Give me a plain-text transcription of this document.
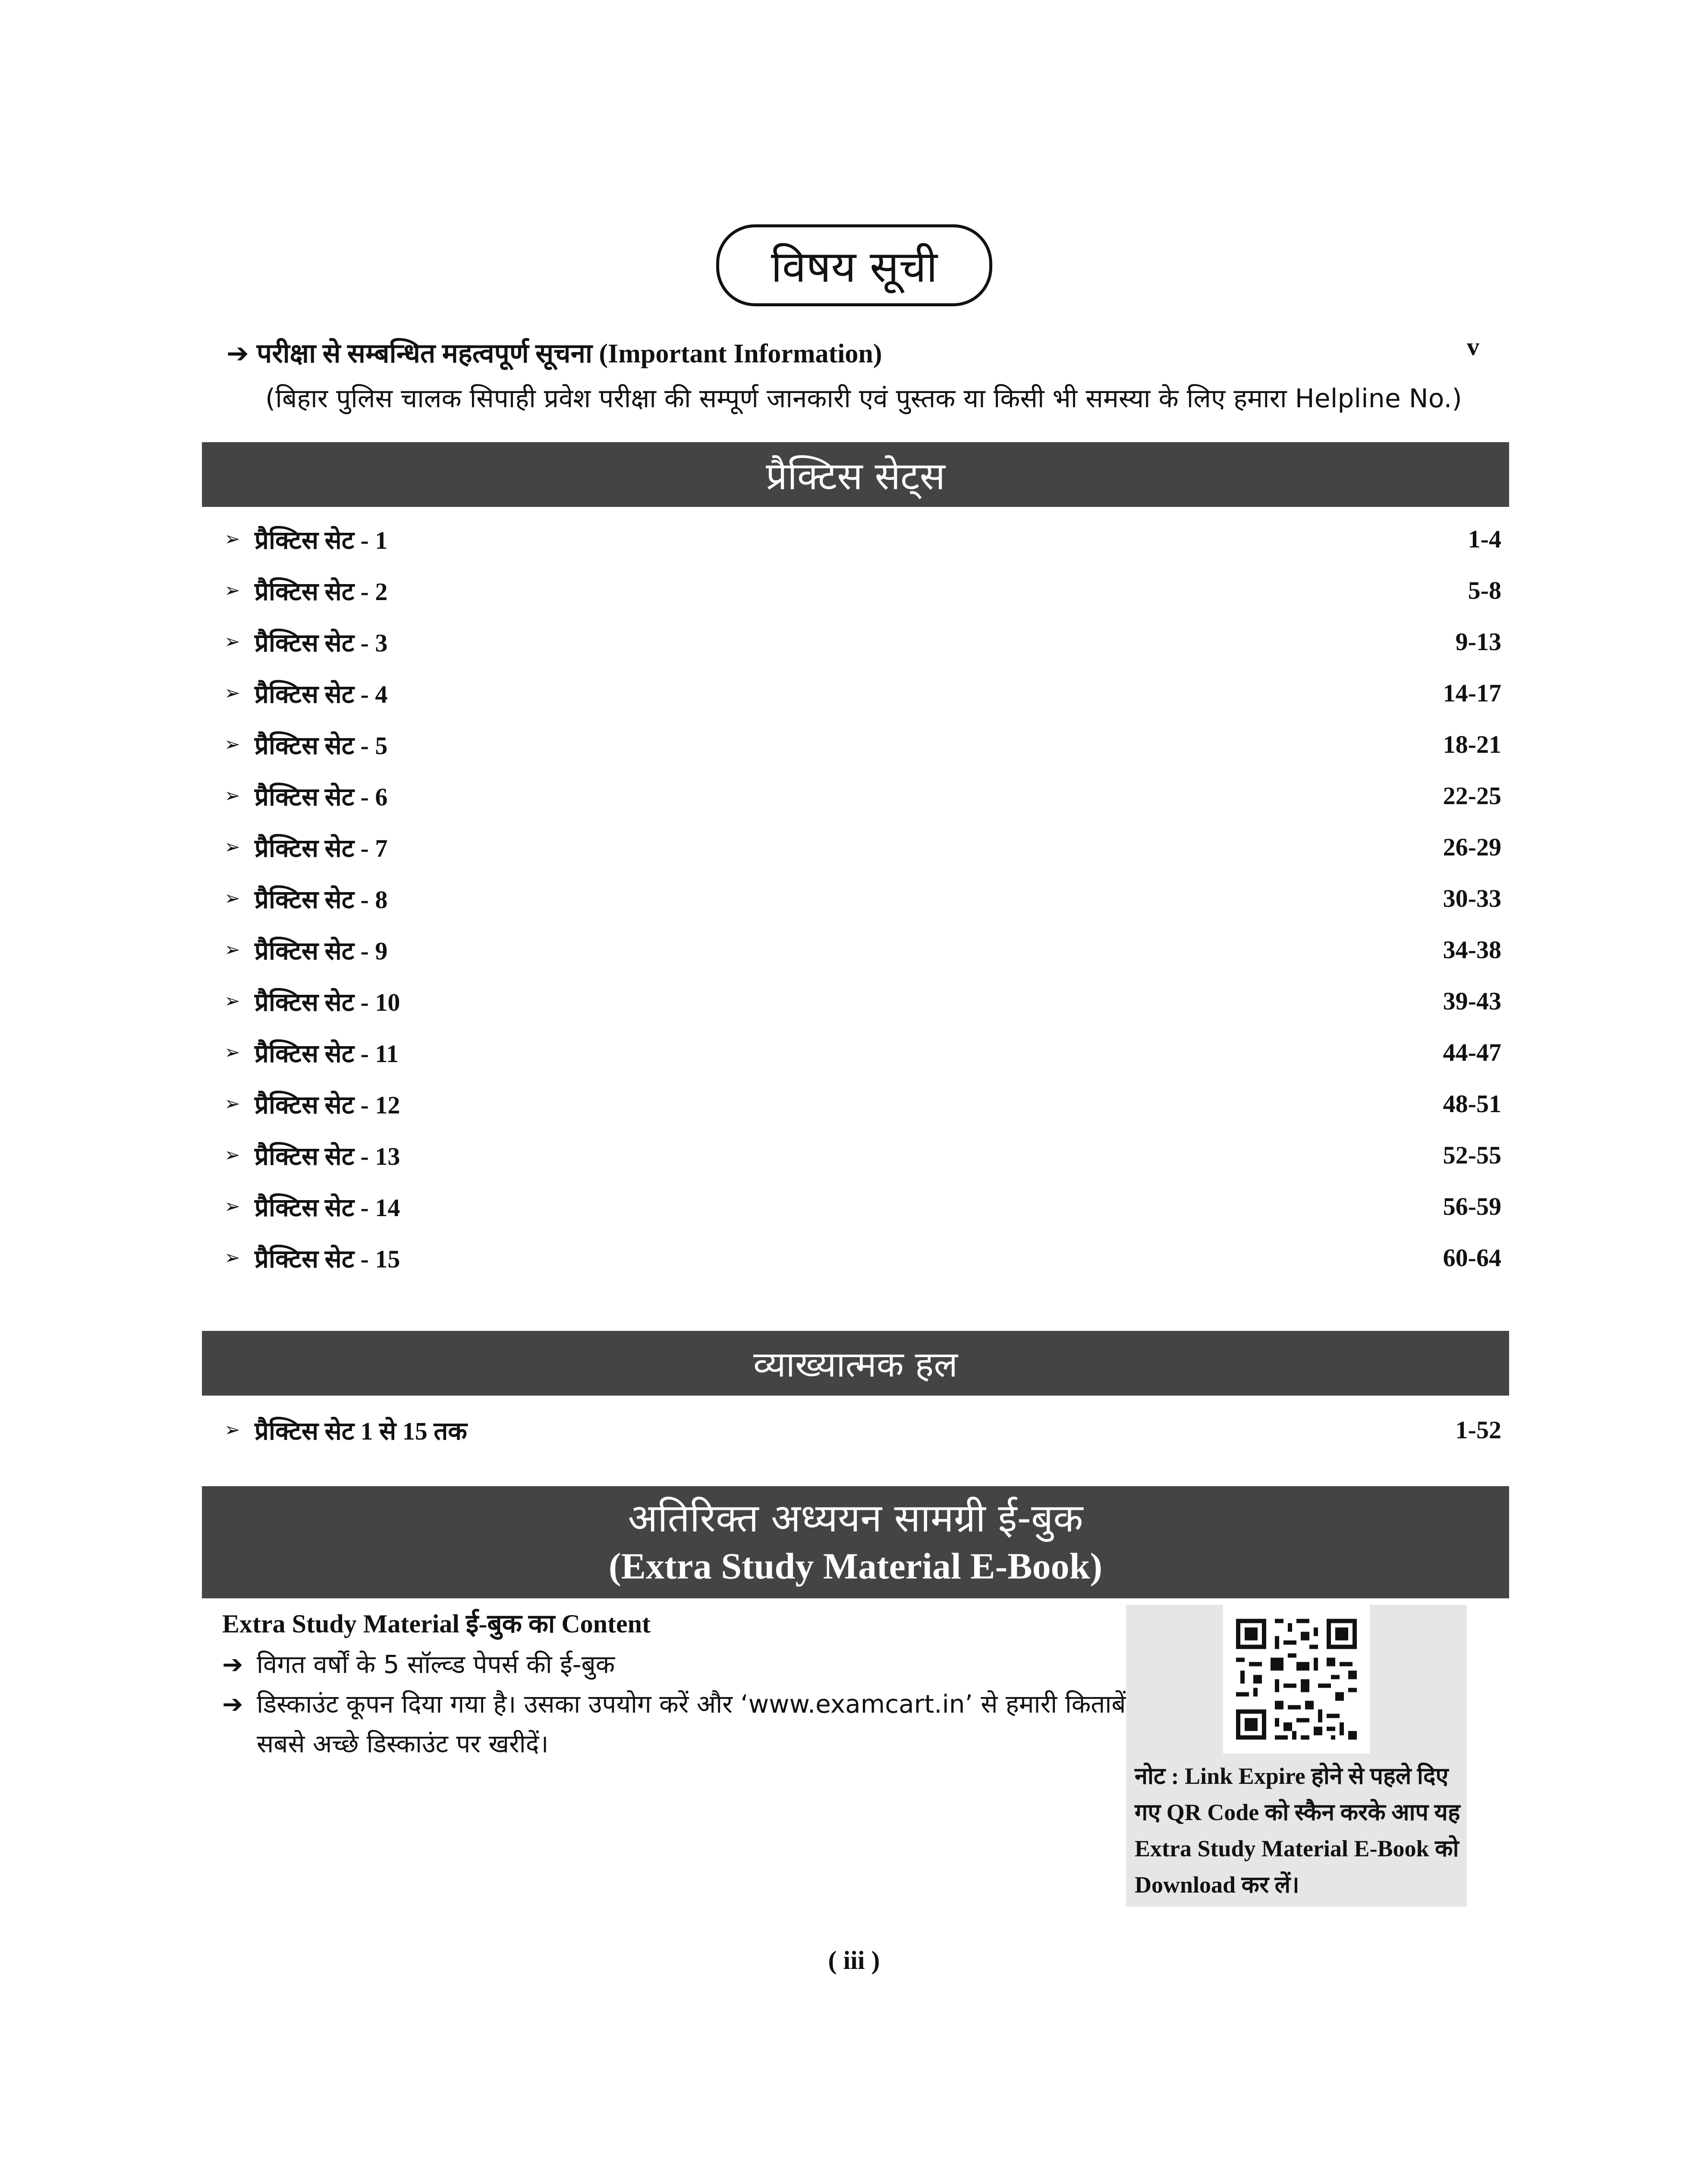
विषय सूची
➔ परीक्षा से सम्बन्धित महत्वपूर्ण सूचना (Important Information)	v
(बिहार पुलिस चालक सिपाही प्रवेश परीक्षा की सम्पूर्ण जानकारी एवं पुस्तक या किसी भी समस्या के लिए हमारा Helpline No.)
प्रैक्टिस सेट्स
➢ प्रैक्टिस सेट - 1	1-4
➢ प्रैक्टिस सेट - 2	5-8
➢ प्रैक्टिस सेट - 3	9-13
➢ प्रैक्टिस सेट - 4	14-17
➢ प्रैक्टिस सेट - 5	18-21
➢ प्रैक्टिस सेट - 6	22-25
➢ प्रैक्टिस सेट - 7	26-29
➢ प्रैक्टिस सेट - 8	30-33
➢ प्रैक्टिस सेट - 9	34-38
➢ प्रैक्टिस सेट - 10	39-43
➢ प्रैक्टिस सेट - 11	44-47
➢ प्रैक्टिस सेट - 12	48-51
➢ प्रैक्टिस सेट - 13	52-55
➢ प्रैक्टिस सेट - 14	56-59
➢ प्रैक्टिस सेट - 15	60-64
व्याख्यात्मक हल
➢ प्रैक्टिस सेट 1 से 15 तक	1-52
अतिरिक्त अध्ययन सामग्री ई-बुक
(Extra Study Material E-Book)
Extra Study Material ई-बुक का Content
➔ विगत वर्षों के 5 सॉल्व्ड पेपर्स की ई-बुक
➔ डिस्काउंट कूपन दिया गया है। उसका उपयोग करें और ‘www.examcart.in’ से हमारी किताबें सबसे अच्छे डिस्काउंट पर खरीदें।
नोट : Link Expire होने से पहले दिए गए QR Code को स्कैन करके आप यह Extra Study Material E-Book को Download कर लें।
( iii )
